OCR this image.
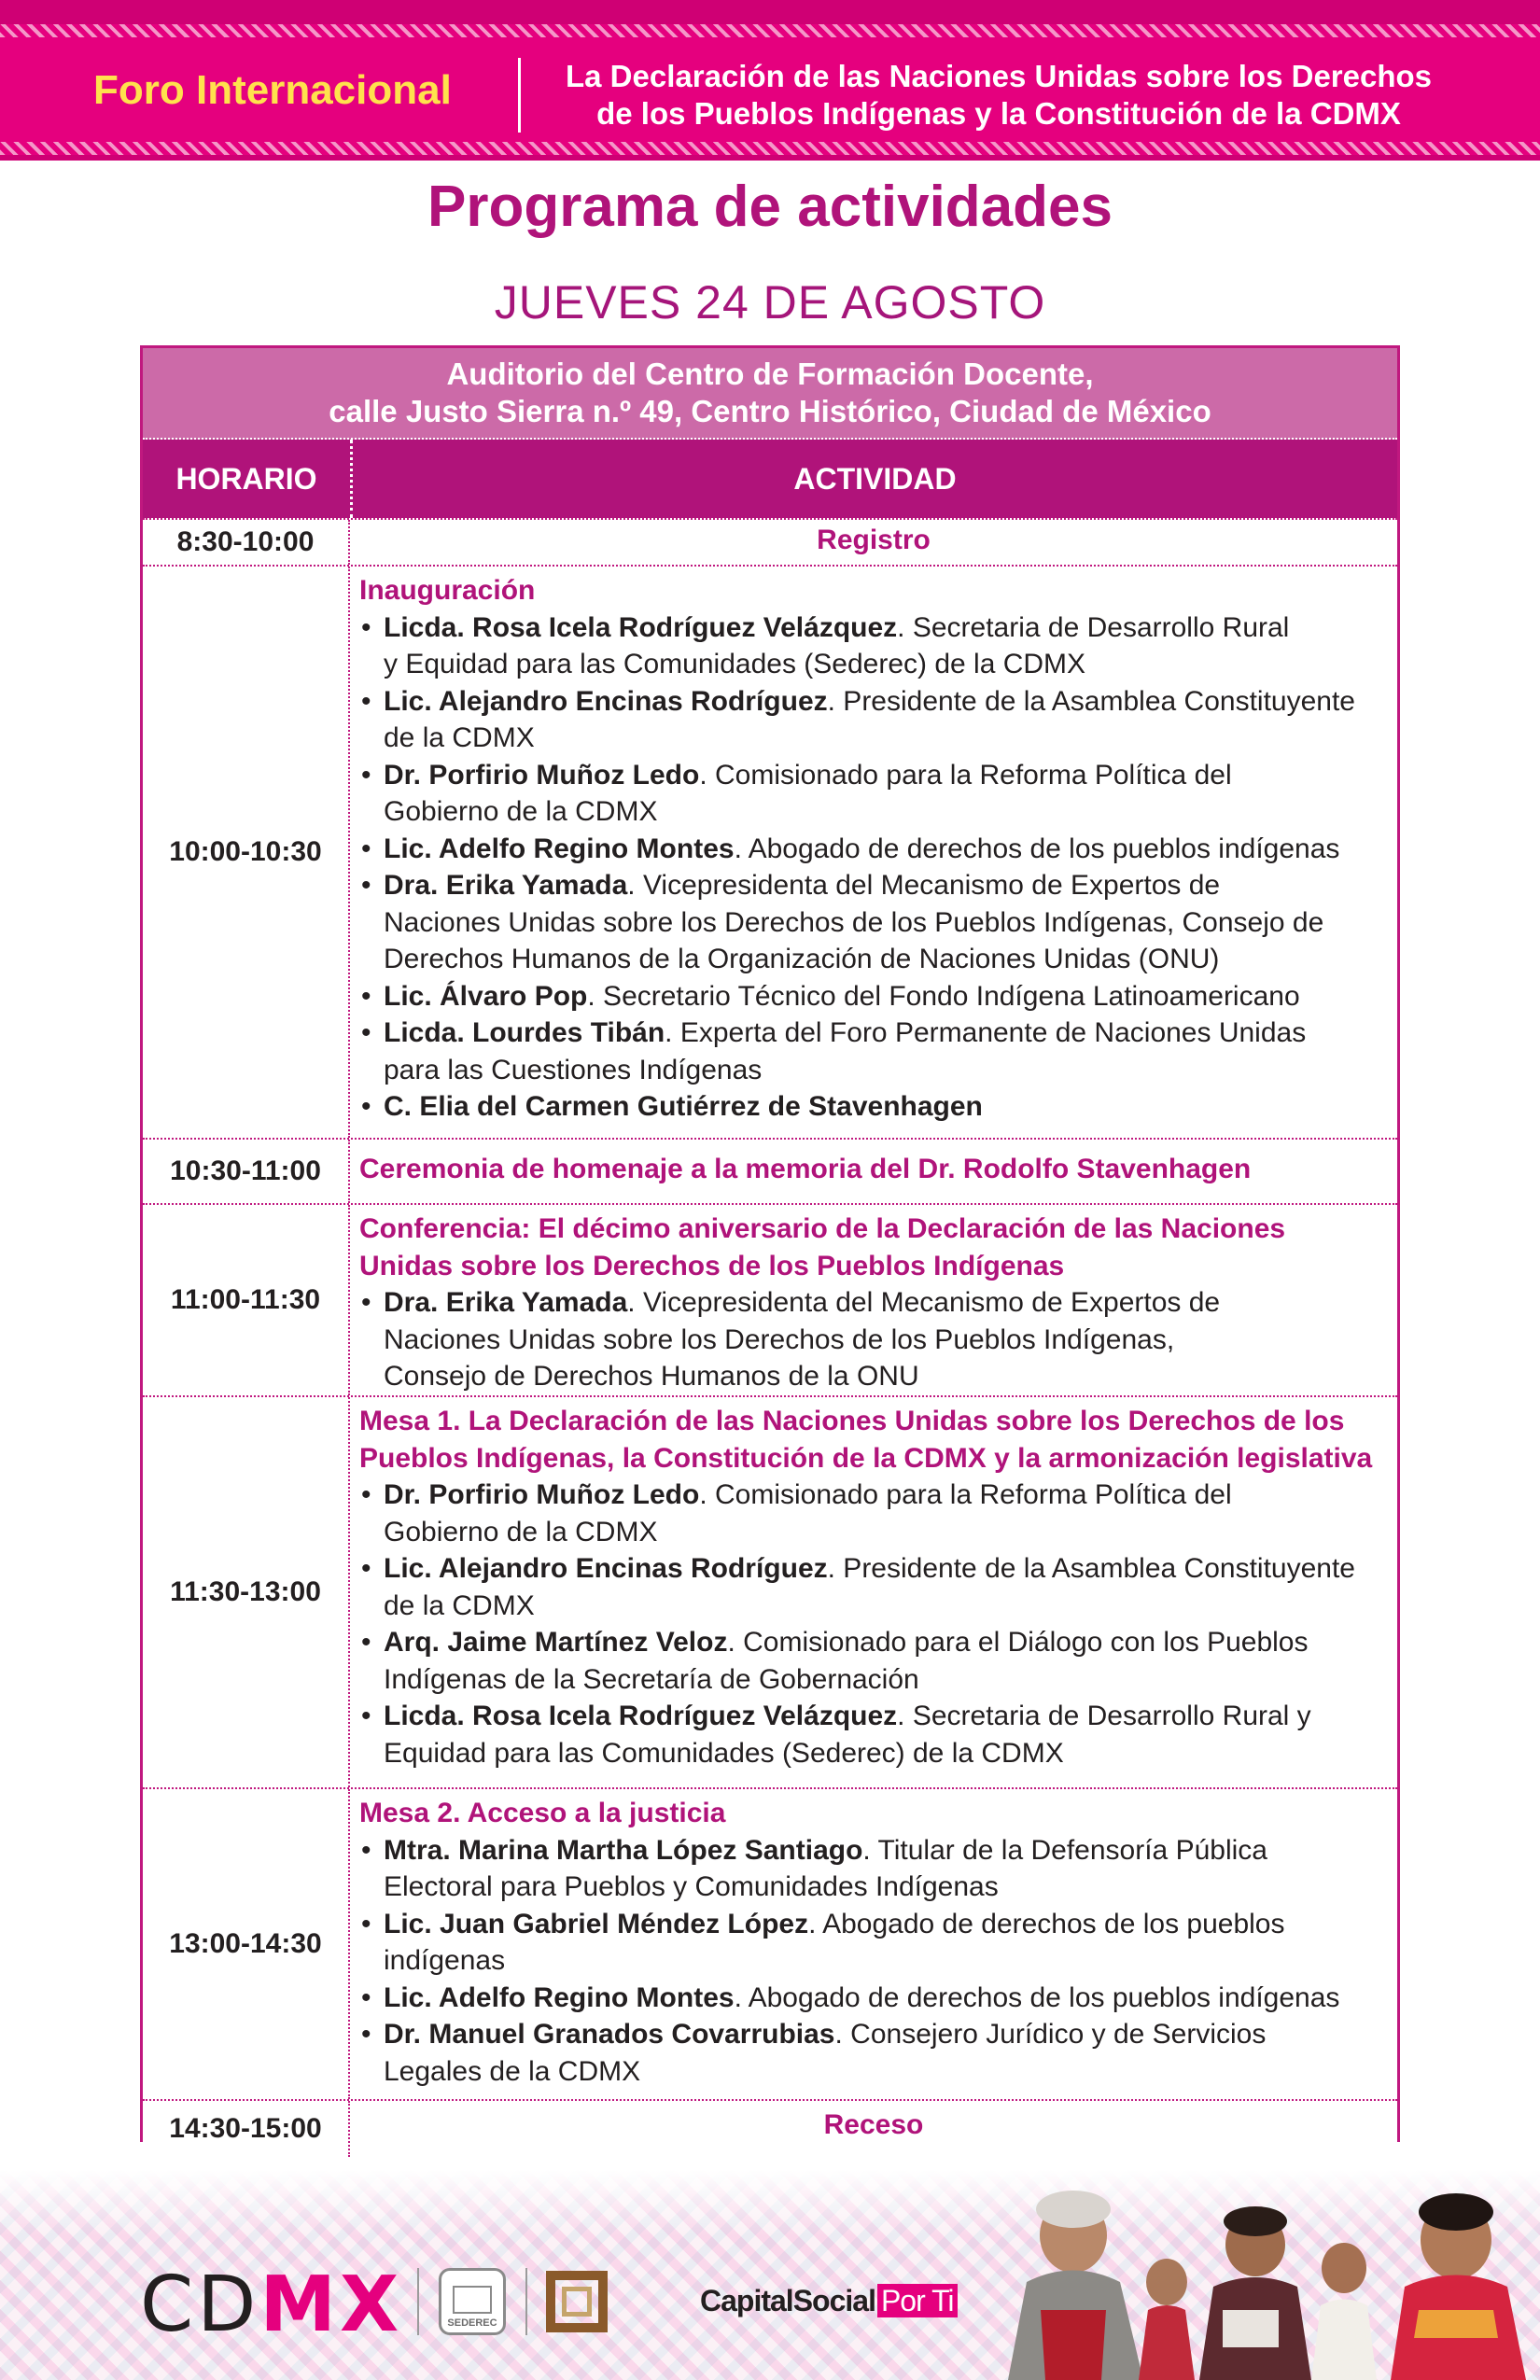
Foro Internacional	La Declaración de las Naciones Unidas sobre los Derechos
de los Pueblos Indígenas y la Constitución de la CDMX
Programa de actividades
JUEVES 24 DE AGOSTO
Auditorio del Centro de Formación Docente,
calle Justo Sierra n.º 49, Centro Histórico, Ciudad de México
HORARIO	ACTIVIDAD
8:30-10:00	Registro
10:00-10:30
Inauguración
• Licda. Rosa Icela Rodríguez Velázquez. Secretaria de Desarrollo Rural
y Equidad para las Comunidades (Sederec) de la CDMX
• Lic. Alejandro Encinas Rodríguez. Presidente de la Asamblea Constituyente
de la CDMX
• Dr. Porfirio Muñoz Ledo. Comisionado para la Reforma Política del
Gobierno de la CDMX
• Lic. Adelfo Regino Montes. Abogado de derechos de los pueblos indígenas
• Dra. Erika Yamada. Vicepresidenta del Mecanismo de Expertos de
Naciones Unidas sobre los Derechos de los Pueblos Indígenas, Consejo de
Derechos Humanos de la Organización de Naciones Unidas (ONU)
• Lic. Álvaro Pop. Secretario Técnico del Fondo Indígena Latinoamericano
• Licda. Lourdes Tibán. Experta del Foro Permanente de Naciones Unidas
para las Cuestiones Indígenas
• C. Elia del Carmen Gutiérrez de Stavenhagen
10:30-11:00	Ceremonia de homenaje a la memoria del Dr. Rodolfo Stavenhagen
11:00-11:30
Conferencia: El décimo aniversario de la Declaración de las Naciones
Unidas sobre los Derechos de los Pueblos Indígenas
• Dra. Erika Yamada. Vicepresidenta del Mecanismo de Expertos de
Naciones Unidas sobre los Derechos de los Pueblos Indígenas,
Consejo de Derechos Humanos de la ONU
11:30-13:00
Mesa 1. La Declaración de las Naciones Unidas sobre los Derechos de los
Pueblos Indígenas, la Constitución de la CDMX y la armonización legislativa
• Dr. Porfirio Muñoz Ledo. Comisionado para la Reforma Política del
Gobierno de la CDMX
• Lic. Alejandro Encinas Rodríguez. Presidente de la Asamblea Constituyente
de la CDMX
• Arq. Jaime Martínez Veloz. Comisionado para el Diálogo con los Pueblos
Indígenas de la Secretaría de Gobernación
• Licda. Rosa Icela Rodríguez Velázquez. Secretaria de Desarrollo Rural y
Equidad para las Comunidades (Sederec) de la CDMX
13:00-14:30
Mesa 2. Acceso a la justicia
• Mtra. Marina Martha López Santiago. Titular de la Defensoría Pública
Electoral para Pueblos y Comunidades Indígenas
• Lic. Juan Gabriel Méndez López. Abogado de derechos de los pueblos
indígenas
• Lic. Adelfo Regino Montes. Abogado de derechos de los pueblos indígenas
• Dr. Manuel Granados Covarrubias. Consejero Jurídico y de Servicios
Legales de la CDMX
14:30-15:00	Receso
CDMX	SEDEREC
CapitalSocial Por Ti
